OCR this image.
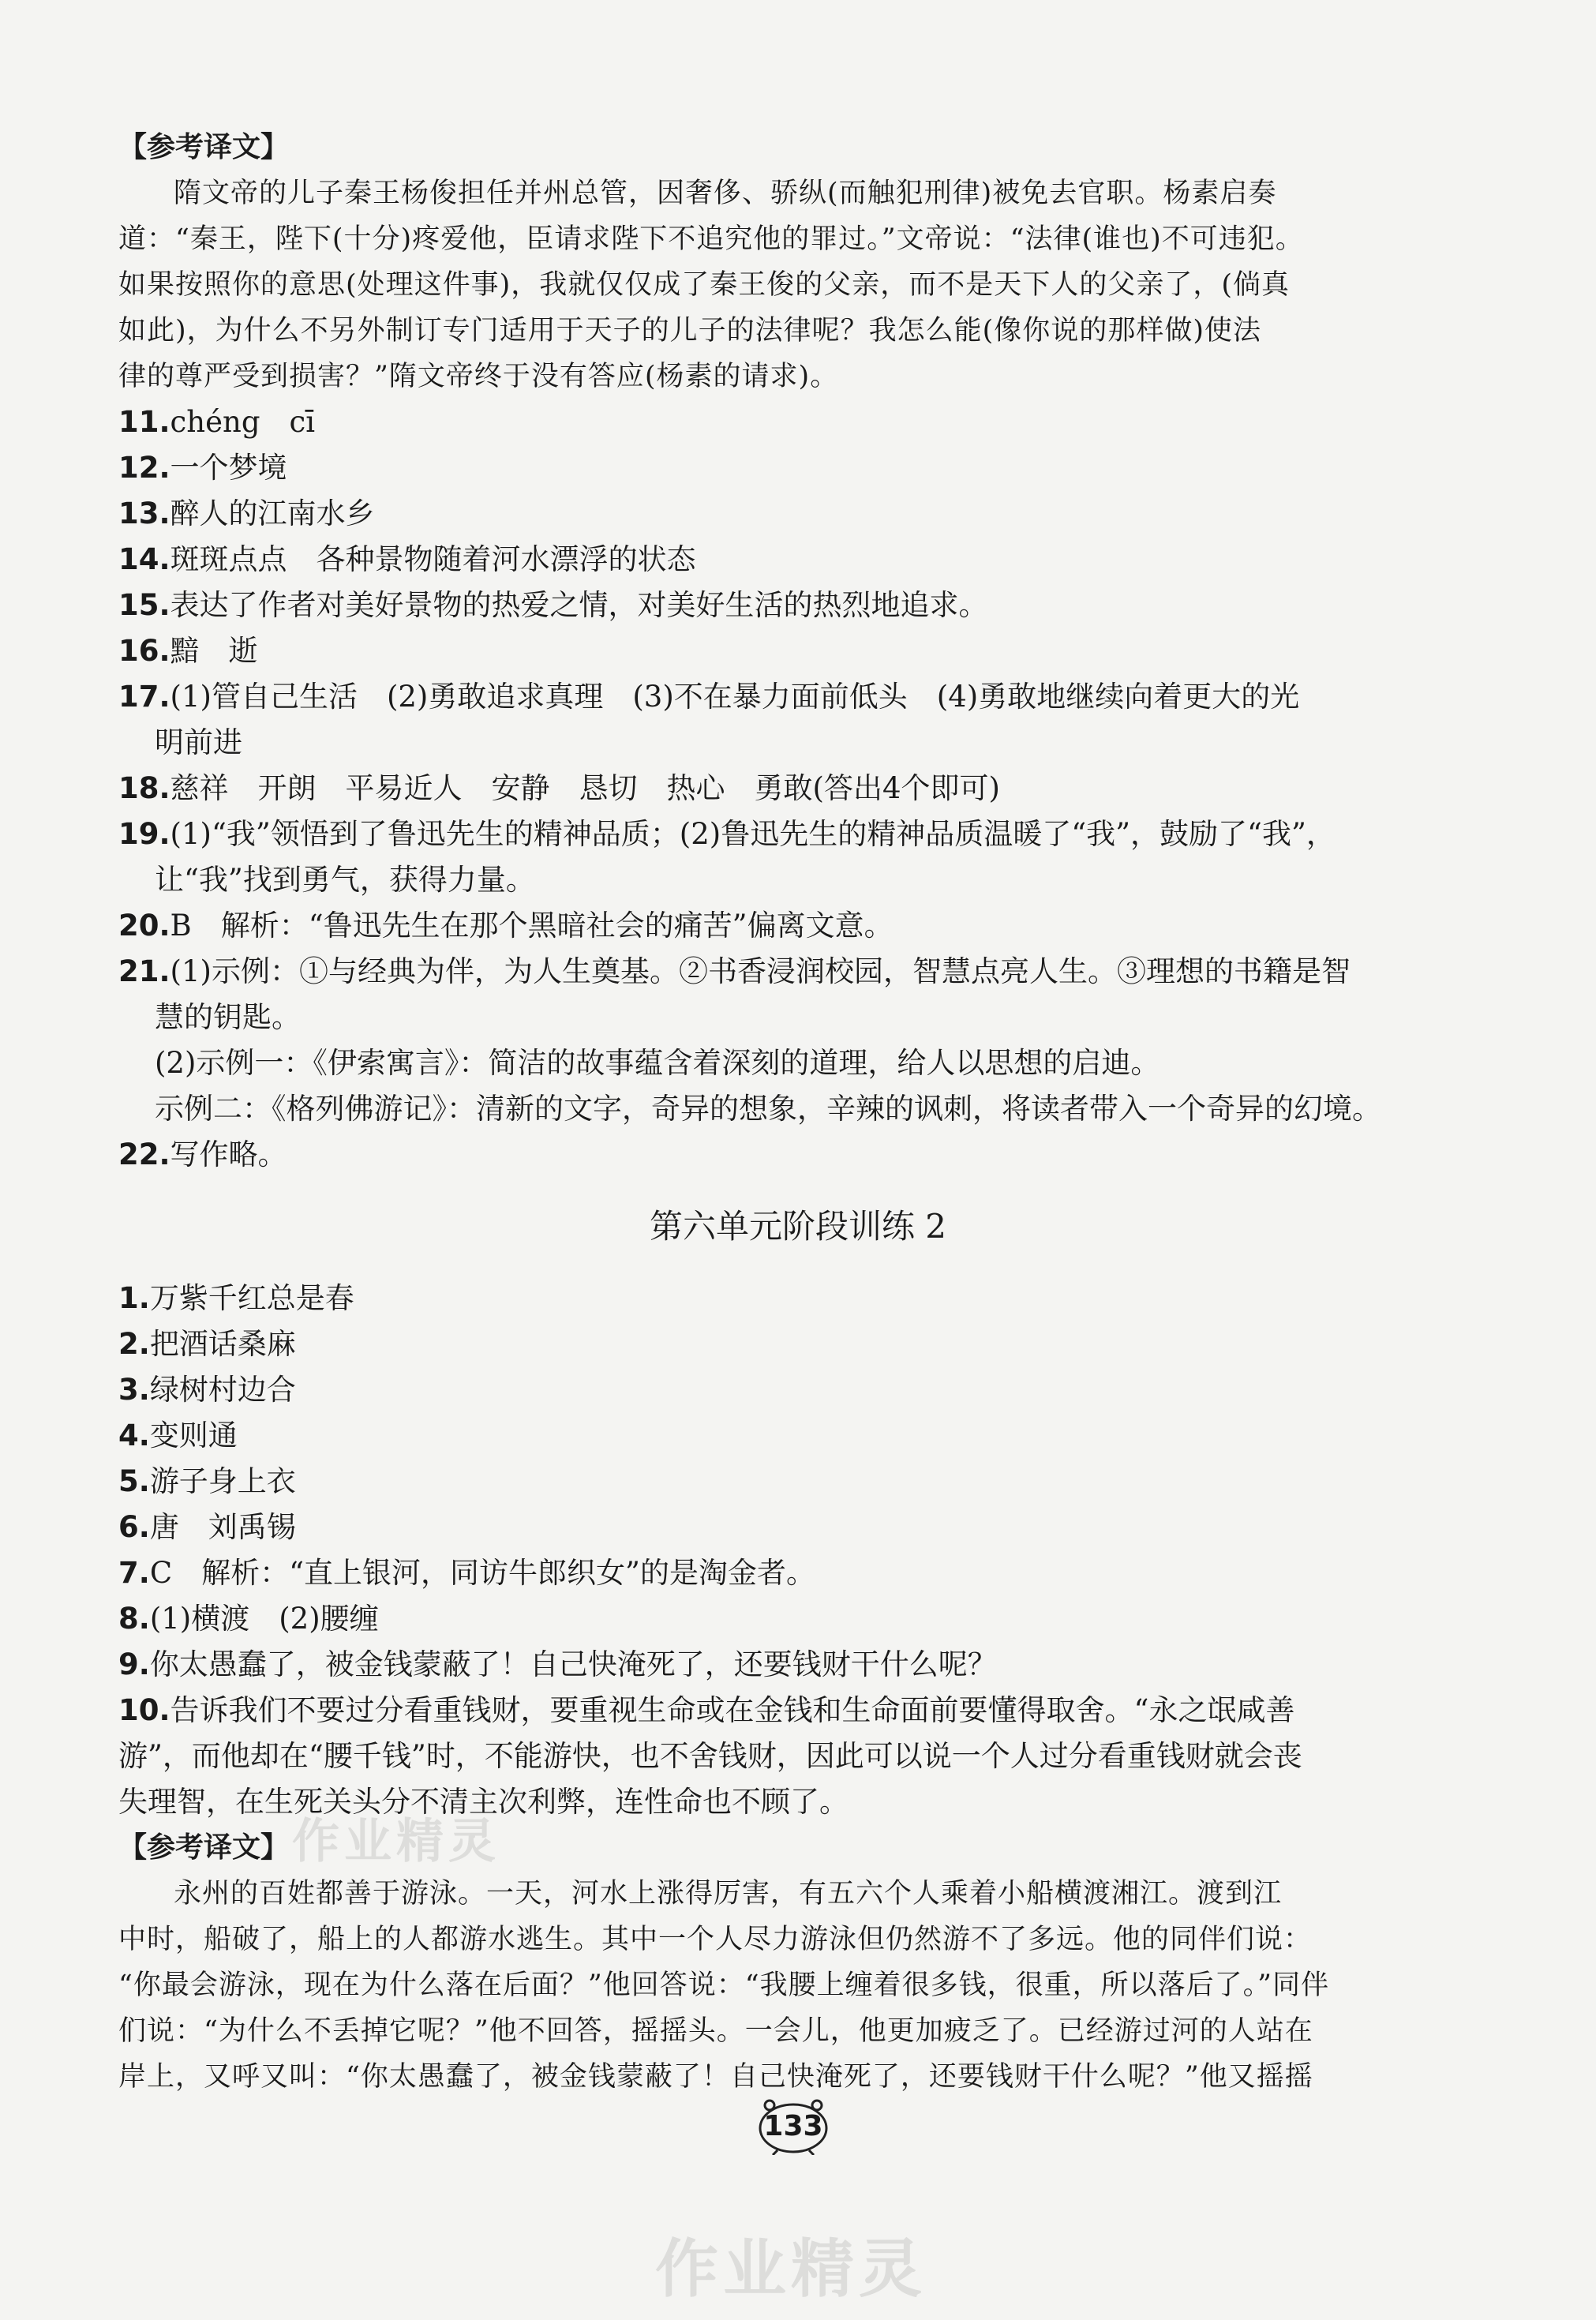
【参考译文】
隋文帝的儿子秦王杨俊担任并州总管，因奢侈、骄纵(而触犯刑律)被免去官职。杨素启奏
道：“秦王，陛下(十分)疼爱他，臣请求陛下不追究他的罪过。”文帝说：“法律(谁也)不可违犯。
如果按照你的意思(处理这件事)，我就仅仅成了秦王俊的父亲，而不是天下人的父亲了，(倘真
如此)，为什么不另外制订专门适用于天子的儿子的法律呢？我怎么能(像你说的那样做)使法
律的尊严受到损害？”隋文帝终于没有答应(杨素的请求)。
11.chéng　cī
12.一个梦境
13.醉人的江南水乡
14.斑斑点点　各种景物随着河水漂浮的状态
15.表达了作者对美好景物的热爱之情，对美好生活的热烈地追求。
16.黯　逝
17.(1)管自己生活　(2)勇敢追求真理　(3)不在暴力面前低头　(4)勇敢地继续向着更大的光
明前进
18.慈祥　开朗　平易近人　安静　恳切　热心　勇敢(答出4个即可)
19.(1)“我”领悟到了鲁迅先生的精神品质；(2)鲁迅先生的精神品质温暖了“我”，鼓励了“我”，
让“我”找到勇气，获得力量。
20.B　解析：“鲁迅先生在那个黑暗社会的痛苦”偏离文意。
21.(1)示例：①与经典为伴，为人生奠基。②书香浸润校园，智慧点亮人生。③理想的书籍是智
慧的钥匙。
(2)示例一：《伊索寓言》：简洁的故事蕴含着深刻的道理，给人以思想的启迪。
示例二：《格列佛游记》：清新的文字，奇异的想象，辛辣的讽刺，将读者带入一个奇异的幻境。
22.写作略。
第六单元阶段训练 2
1.万紫千红总是春
2.把酒话桑麻
3.绿树村边合
4.变则通
5.游子身上衣
6.唐　刘禹锡
7.C　解析：“直上银河，同访牛郎织女”的是淘金者。
8.(1)横渡　(2)腰缠
9.你太愚蠢了，被金钱蒙蔽了！自己快淹死了，还要钱财干什么呢？
10.告诉我们不要过分看重钱财，要重视生命或在金钱和生命面前要懂得取舍。“永之氓咸善
游”，而他却在“腰千钱”时，不能游快，也不舍钱财，因此可以说一个人过分看重钱财就会丧
失理智，在生死关头分不清主次利弊，连性命也不顾了。
【参考译文】
永州的百姓都善于游泳。一天，河水上涨得厉害，有五六个人乘着小船横渡湘江。渡到江
中时，船破了，船上的人都游水逃生。其中一个人尽力游泳但仍然游不了多远。他的同伴们说：
“你最会游泳，现在为什么落在后面？”他回答说：“我腰上缠着很多钱，很重，所以落后了。”同伴
们说：“为什么不丢掉它呢？”他不回答，摇摇头。一会儿，他更加疲乏了。已经游过河的人站在
岸上，又呼又叫：“你太愚蠢了，被金钱蒙蔽了！自己快淹死了，还要钱财干什么呢？”他又摇摇
作业精灵
作业精灵
133
